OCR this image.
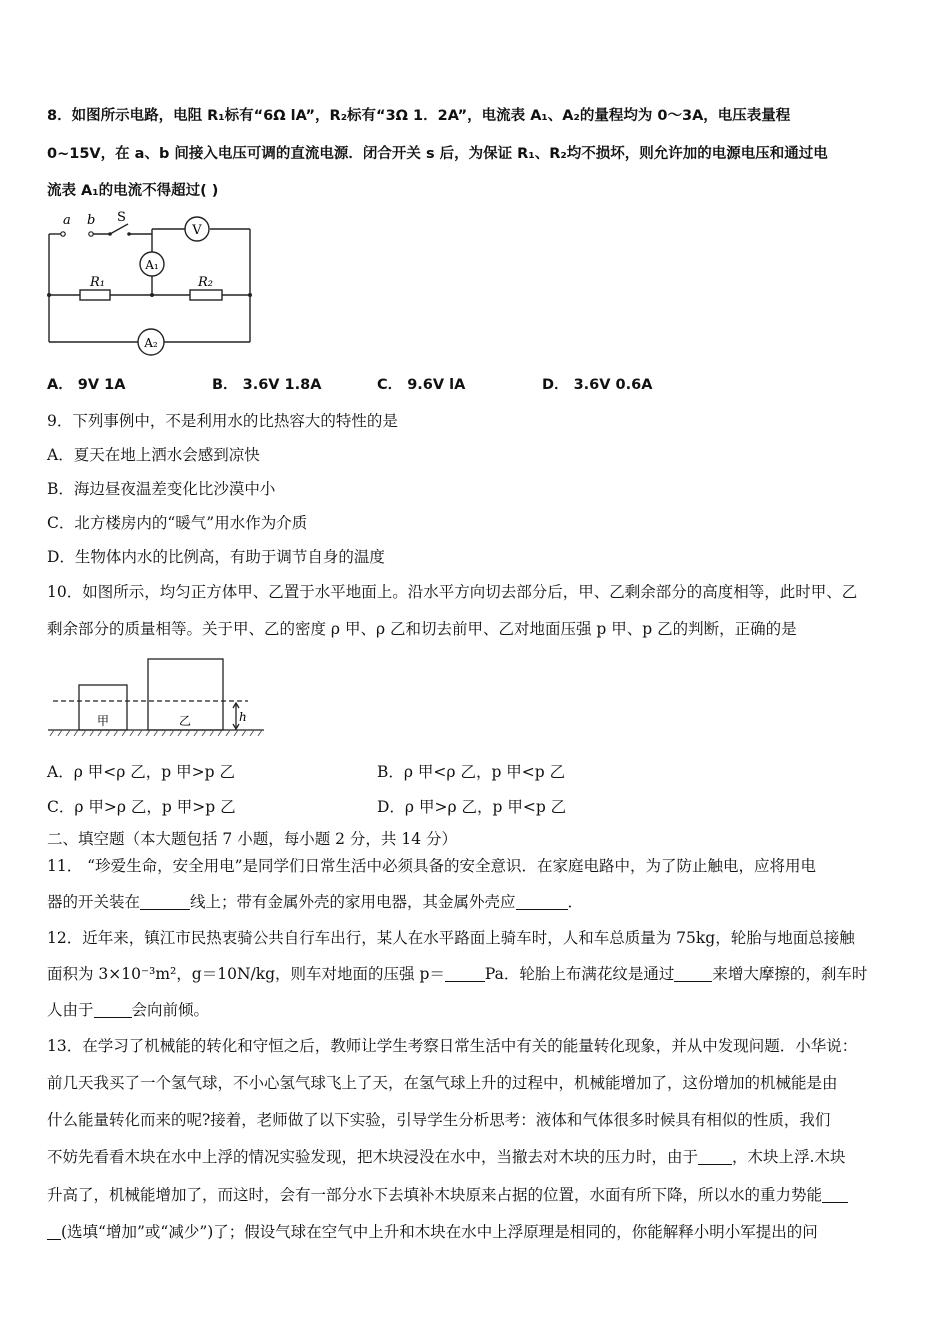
8．如图所示电路，电阻 R₁标有“6Ω lA”，R₂标有“3Ω 1．2A”，电流表 A₁、A₂的量程均为 0～3A，电压表量程
0~15V，在 a、b 间接入电压可调的直流电源．闭合开关 s 后，为保证 R₁、R₂均不损坏，则允许加的电源电压和通过电
流表 A₁的电流不得超过( )
a b S
V
A₁
A₂
R₁	R₂
A． 9V 1A	B． 3.6V 1.8A	C． 9.6V lA	D． 3.6V 0.6A
9．下列事例中，不是利用水的比热容大的特性的是
A．夏天在地上洒水会感到凉快
B．海边昼夜温差变化比沙漠中小
C．北方楼房内的“暖气”用水作为介质
D．生物体内水的比例高，有助于调节自身的温度
10．如图所示，均匀正方体甲、乙置于水平地面上。沿水平方向切去部分后，甲、乙剩余部分的高度相等，此时甲、乙
剩余部分的质量相等。关于甲、乙的密度 ρ 甲、ρ 乙和切去前甲、乙对地面压强 p 甲、p 乙的判断，正确的是
甲	乙	h
A．ρ 甲<ρ 乙，p 甲>p 乙	B．ρ 甲<ρ 乙，p 甲<p 乙
C．ρ 甲>ρ 乙，p 甲>p 乙	D．ρ 甲>ρ 乙，p 甲<p 乙
二、填空题（本大题包括 7 小题，每小题 2 分，共 14 分）
11． “珍爱生命，安全用电”是同学们日常生活中必须具备的安全意识．在家庭电路中，为了防止触电，应将用电
器的开关装在	线上；带有金属外壳的家用电器，其金属外壳应	．
12．近年来，镇江市民热衷骑公共自行车出行，某人在水平路面上骑车时，人和车总质量为 75kg，轮胎与地面总接触
面积为 3×10⁻³m²，g＝10N/kg，则车对地面的压强 p＝	Pa．轮胎上布满花纹是通过 来增大摩擦的，刹车时
人由于 会向前倾。
13．在学习了机械能的转化和守恒之后，教师让学生考察日常生活中有关的能量转化现象，并从中发现问题．小华说：
前几天我买了一个氢气球，不小心氢气球飞上了天，在氢气球上升的过程中，机械能增加了，这份增加的机械能是由
什么能量转化而来的呢?接着，老师做了以下实验，引导学生分析思考：液体和气体很多时候具有相似的性质，我们
不妨先看看木块在水中上浮的情况实验发现，把木块浸没在水中，当撤去对木块的压力时，由于 ，木块上浮.木块
升高了，机械能增加了，而这时，会有一部分水下去填补木块原来占据的位置，水面有所下降，所以水的重力势能
(选填“增加”或“减少”)了；假设气球在空气中上升和木块在水中上浮原理是相同的，你能解释小明小军提出的问
